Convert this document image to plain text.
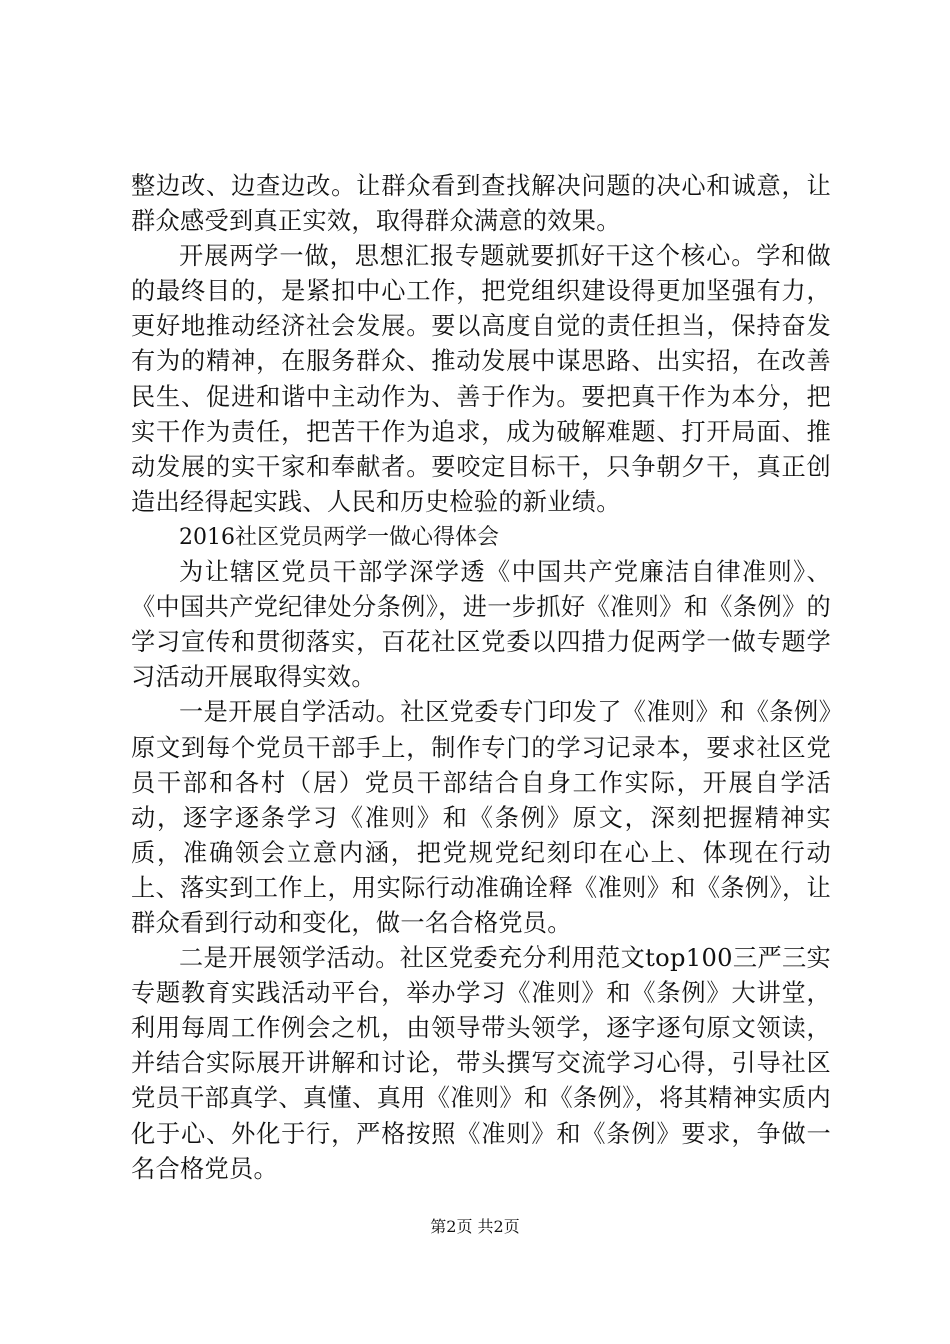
整边改、边查边改。让群众看到查找解决问题的决心和诚意，让群众感受到真正实效，取得群众满意的效果。

开展两学一做，思想汇报专题就要抓好干这个核心。学和做的最终目的，是紧扣中心工作，把党组织建设得更加坚强有力，更好地推动经济社会发展。要以高度自觉的责任担当，保持奋发有为的精神，在服务群众、推动发展中谋思路、出实招，在改善民生、促进和谐中主动作为、善于作为。要把真干作为本分，把实干作为责任，把苦干作为追求，成为破解难题、打开局面、推动发展的实干家和奉献者。要咬定目标干，只争朝夕干，真正创造出经得起实践、人民和历史检验的新业绩。

2016社区党员两学一做心得体会

为让辖区党员干部学深学透《中国共产党廉洁自律准则》、《中国共产党纪律处分条例》，进一步抓好《准则》和《条例》的学习宣传和贯彻落实，百花社区党委以四措力促两学一做专题学习活动开展取得实效。

一是开展自学活动。社区党委专门印发了《准则》和《条例》原文到每个党员干部手上，制作专门的学习记录本，要求社区党员干部和各村（居）党员干部结合自身工作实际，开展自学活动，逐字逐条学习《准则》和《条例》原文，深刻把握精神实质，准确领会立意内涵，把党规党纪刻印在心上、体现在行动上、落实到工作上，用实际行动准确诠释《准则》和《条例》，让群众看到行动和变化，做一名合格党员。

二是开展领学活动。社区党委充分利用范文top100三严三实专题教育实践活动平台，举办学习《准则》和《条例》大讲堂，利用每周工作例会之机，由领导带头领学，逐字逐句原文领读，并结合实际展开讲解和讨论，带头撰写交流学习心得，引导社区党员干部真学、真懂、真用《准则》和《条例》，将其精神实质内化于心、外化于行，严格按照《准则》和《条例》要求，争做一名合格党员。

第2页 共2页
